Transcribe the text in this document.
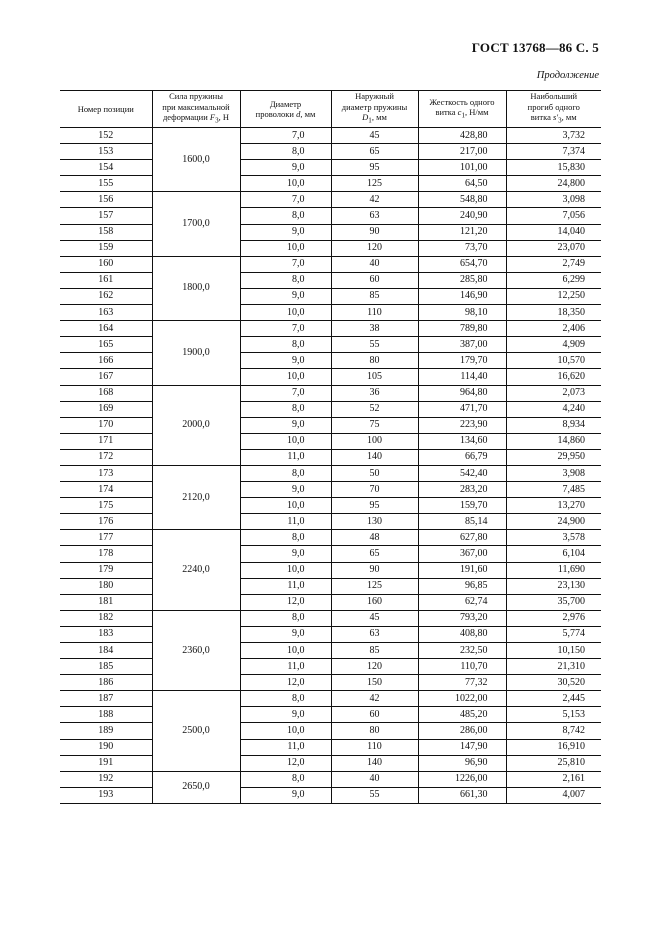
ГОСТ 13768—86 С. 5
Продолжение
Номер позиции	Сила пружины
при максимальной
деформации $F_3$, Н	Диаметр
проволоки d, мм	Наружный
диаметр пружины
$D_1$, мм	Жесткость одного
витка $c_1$, Н/мм	Наибольший
прогиб одного
витка $s'_3$, мм
152	1600,0	7,0	45	428,80	3,732
153		8,0	65	217,00	7,374
154		9,0	95	101,00	15,830
155		10,0	125	64,50	24,800
156	1700,0	7,0	42	548,80	3,098
157		8,0	63	240,90	7,056
158		9,0	90	121,20	14,040
159		10,0	120	73,70	23,070
160	1800,0	7,0	40	654,70	2,749
161		8,0	60	285,80	6,299
162		9,0	85	146,90	12,250
163		10,0	110	98,10	18,350
164	1900,0	7,0	38	789,80	2,406
165		8,0	55	387,00	4,909
166		9,0	80	179,70	10,570
167		10,0	105	114,40	16,620
168	2000,0	7,0	36	964,80	2,073
169		8,0	52	471,70	4,240
170		9,0	75	223,90	8,934
171		10,0	100	134,60	14,860
172		11,0	140	66,79	29,950
173	2120,0	8,0	50	542,40	3,908
174		9,0	70	283,20	7,485
175		10,0	95	159,70	13,270
176		11,0	130	85,14	24,900
177	2240,0	8,0	48	627,80	3,578
178		9,0	65	367,00	6,104
179		10,0	90	191,60	11,690
180		11,0	125	96,85	23,130
181		12,0	160	62,74	35,700
182	2360,0	8,0	45	793,20	2,976
183		9,0	63	408,80	5,774
184		10,0	85	232,50	10,150
185		11,0	120	110,70	21,310
186		12,0	150	77,32	30,520
187	2500,0	8,0	42	1022,00	2,445
188		9,0	60	485,20	5,153
189		10,0	80	286,00	8,742
190		11,0	110	147,90	16,910
191		12,0	140	96,90	25,810
192	2650,0	8,0	40	1226,00	2,161
193		9,0	55	661,30	4,007
